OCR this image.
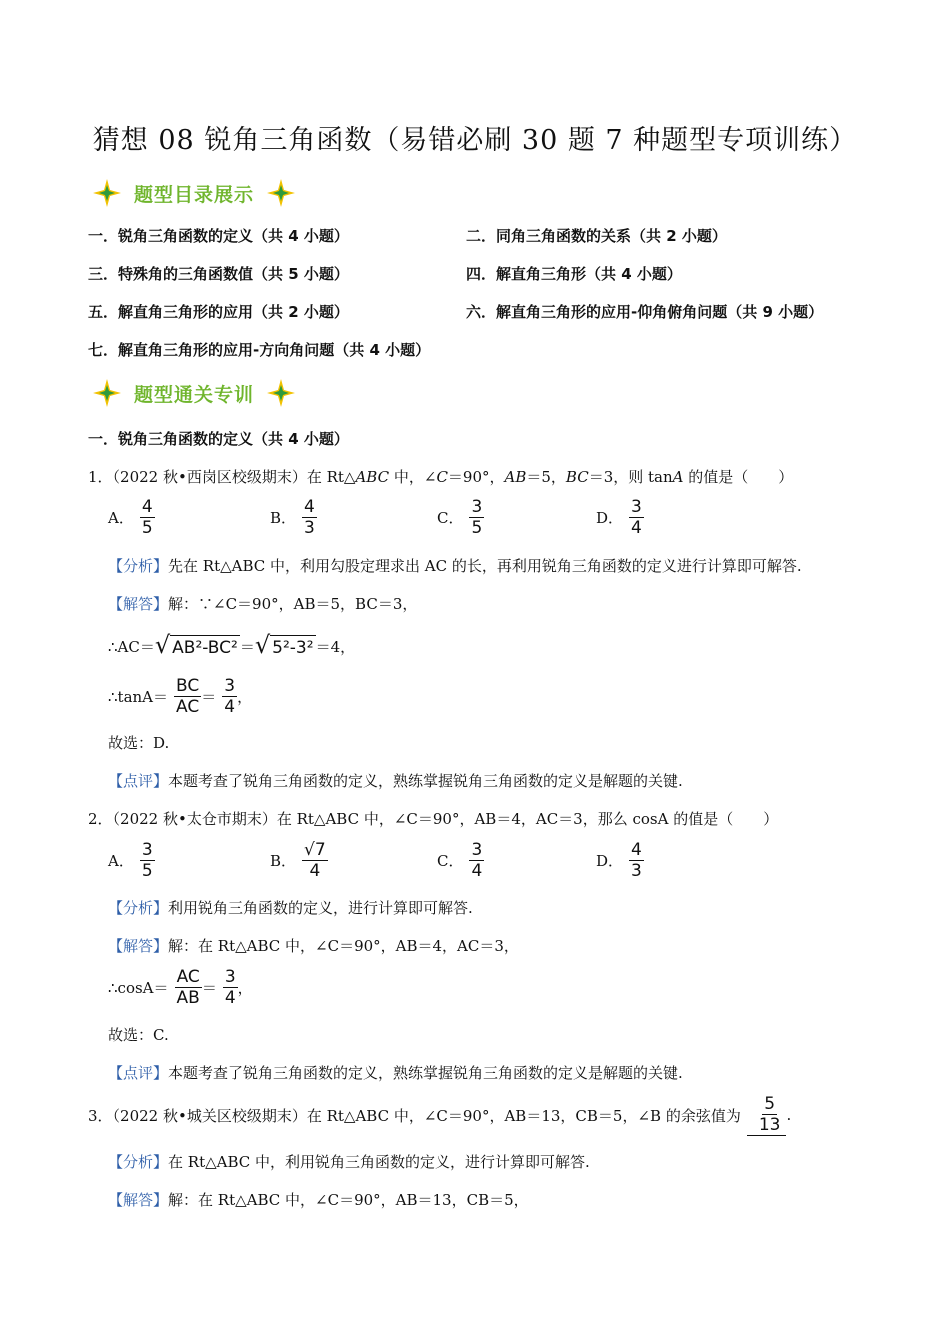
猜想 08 锐角三角函数（易错必刷 30 题 7 种题型专项训练）
题型目录展示
一．锐角三角函数的定义（共 4 小题）	二．同角三角函数的关系（共 2 小题）
三．特殊角的三角函数值（共 5 小题）	四．解直角三角形（共 4 小题）
五．解直角三角形的应用（共 2 小题）	六．解直角三角形的应用-仰角俯角问题（共 9 小题）
七．解直角三角形的应用-方向角问题（共 4 小题）
题型通关专训
一．锐角三角函数的定义（共 4 小题）
1．（2022 秋•西岗区校级期末）在 Rt△ABC 中，∠C＝90°，AB＝5，BC＝3，则 tanA 的值是（　　）
A． $\frac{4}{5}$	B． $\frac{4}{3}$	C． $\frac{3}{5}$	D． $\frac{3}{4}$
【分析】先在 Rt△ABC 中，利用勾股定理求出 AC 的长，再利用锐角三角函数的定义进行计算即可解答.
【解答】解：∵∠C＝90°，AB＝5，BC＝3，
∴AC＝ √ AB²-BC² ＝ √ 5²-3² ＝4，
∴tanA＝ $\frac{BC}{AC} = \frac{3}{4}$ ，
故选：D.
【点评】本题考查了锐角三角函数的定义，熟练掌握锐角三角函数的定义是解题的关键.
2．（2022 秋•太仓市期末）在 Rt△ABC 中，∠C＝90°，AB＝4，AC＝3，那么 cosA 的值是（　　）
A． $\frac{3}{5}$	B． $\frac{√7}{4}$	C． $\frac{3}{4}$	D． $\frac{4}{3}$
【分析】利用锐角三角函数的定义，进行计算即可解答.
【解答】解：在 Rt△ABC 中，∠C＝90°，AB＝4，AC＝3，
∴cosA＝ $\frac{AC}{AB} = \frac{3}{4}$ ，
故选：C.
【点评】本题考查了锐角三角函数的定义，熟练掌握锐角三角函数的定义是解题的关键.
3．（2022 秋•城关区校级期末）在 Rt△ABC 中，∠C＝90°，AB＝13，CB＝5，∠B 的余弦值为 $\frac{5}{13}$ .
【分析】在 Rt△ABC 中，利用锐角三角函数的定义，进行计算即可解答.
【解答】解：在 Rt△ABC 中，∠C＝90°，AB＝13，CB＝5，
